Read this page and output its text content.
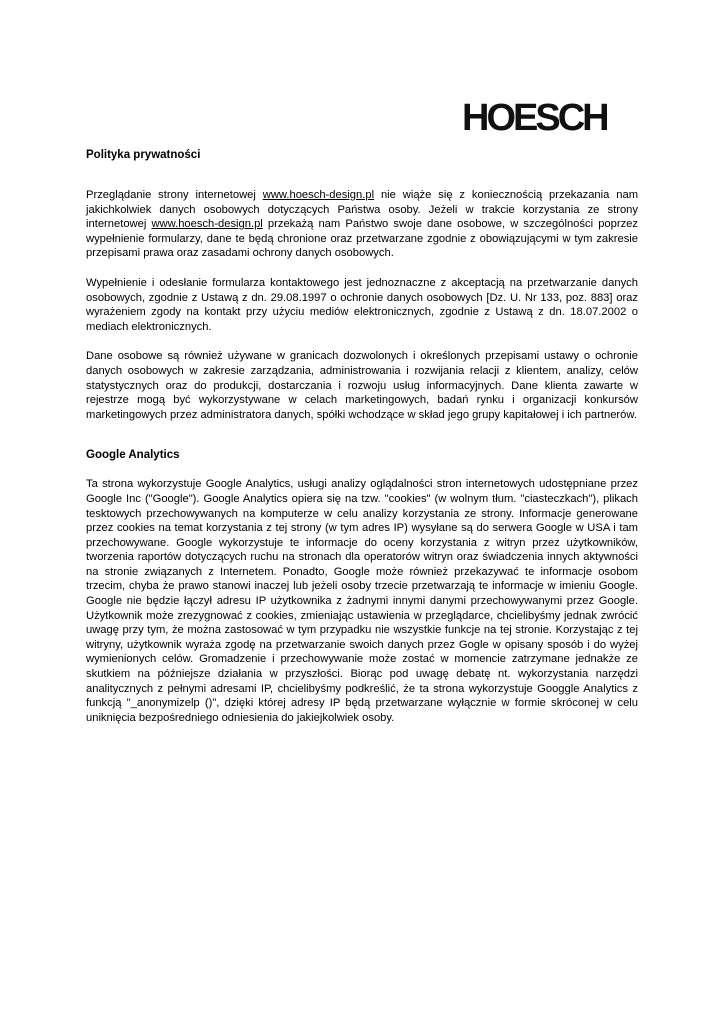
HOESCH
Polityka prywatności

Przeglądanie strony internetowej www.hoesch-design.pl nie wiąże się z koniecznością przekazania nam jakichkolwiek danych osobowych dotyczących Państwa osoby. Jeżeli w trakcie korzystania ze strony internetowej www.hoesch-design.pl przekażą nam Państwo swoje dane osobowe, w szczególności poprzez wypełnienie formularzy, dane te będą chronione oraz przetwarzane zgodnie z obowiązującymi w tym zakresie przepisami prawa oraz zasadami ochrony danych osobowych.

Wypełnienie i odesłanie formularza kontaktowego jest jednoznaczne z akceptacją na przetwarzanie danych osobowych, zgodnie z Ustawą z dn. 29.08.1997 o ochronie danych osobowych [Dz. U. Nr 133, poz. 883] oraz wyrażeniem zgody na kontakt przy użyciu mediów elektronicznych, zgodnie z Ustawą z dn. 18.07.2002 o mediach elektronicznych.

Dane osobowe są również używane w granicach dozwolonych i określonych przepisami ustawy o ochronie danych osobowych w zakresie zarządzania, administrowania i rozwijania relacji z klientem, analizy, celów statystycznych oraz do produkcji, dostarczania i rozwoju usług informacyjnych. Dane klienta zawarte w rejestrze mogą być wykorzystywane w celach marketingowych, badań rynku i organizacji konkursów marketingowych przez administratora danych, spółki wchodzące w skład jego grupy kapitałowej i ich partnerów.

Google Analytics

Ta strona wykorzystuje Google Analytics, usługi analizy oglądalności stron internetowych udostępniane przez Google Inc ("Google"). Google Analytics opiera się na tzw. "cookies" (w wolnym tłum. "ciasteczkach"), plikach tesktowych przechowywanych na komputerze w celu analizy korzystania ze strony. Informacje generowane przez cookies na temat korzystania z tej strony (w tym adres IP) wysyłane są do serwera Google w USA i tam przechowywane. Google wykorzystuje te informacje do oceny korzystania z witryn przez użytkowników, tworzenia raportów dotyczących ruchu na stronach dla operatorów witryn oraz świadczenia innych aktywności na stronie związanych z Internetem. Ponadto, Google może również przekazywać te informacje osobom trzecim, chyba że prawo stanowi inaczej lub jeżeli osoby trzecie przetwarzają te informacje w imieniu Google. Google nie będzie łączył adresu IP użytkownika z żadnymi innymi danymi przechowywanymi przez Google. Użytkownik może zrezygnować z cookies, zmieniając ustawienia w przeglądarce, chcielibyśmy jednak zwrócić uwagę przy tym, że można zastosować w tym przypadku nie wszystkie funkcje na tej stronie. Korzystając z tej witryny, użytkownik wyraża zgodę na przetwarzanie swoich danych przez Gogle w opisany sposób i do wyżej wymienionych celów. Gromadzenie i przechowywanie może zostać w momencie zatrzymane jednakże ze skutkiem na późniejsze działania w przyszłości. Biorąc pod uwagę debatę nt. wykorzystania narzędzi analitycznych z pełnymi adresami IP, chcielibyśmy podkreślić, że ta strona wykorzystuje Googgle Analytics z funkcją "_anonymizelp ()", dzięki której adresy IP będą przetwarzane wyłącznie w formie skróconej w celu uniknięcia bezpośredniego odniesienia do jakiejkolwiek osoby.
